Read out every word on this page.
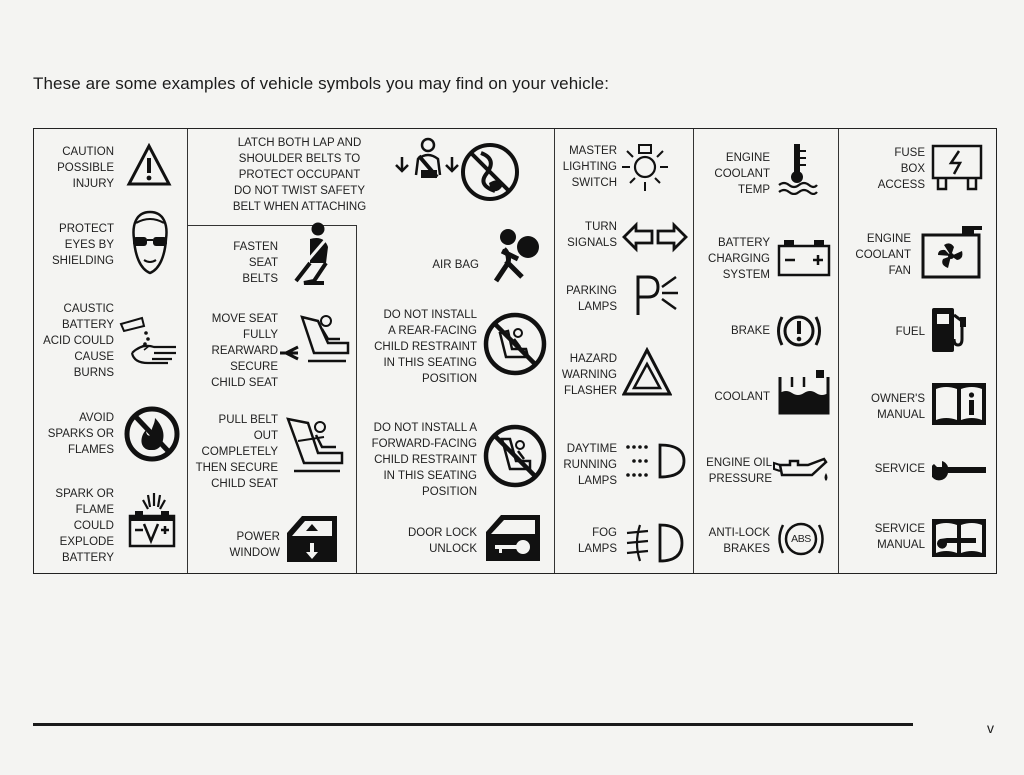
These are some examples of vehicle symbols you may find on your vehicle:
CAUTION
POSSIBLE
INJURY
PROTECT
EYES BY
SHIELDING
CAUSTIC
BATTERY
ACID COULD
CAUSE
BURNS
AVOID
SPARKS OR
FLAMES
SPARK OR
FLAME
COULD
EXPLODE
BATTERY
LATCH BOTH LAP AND
SHOULDER BELTS TO
PROTECT OCCUPANT
DO NOT TWIST SAFETY
BELT WHEN ATTACHING
FASTEN
SEAT
BELTS
AIR BAG
MOVE SEAT
FULLY
REARWARD
SECURE
CHILD SEAT
DO NOT INSTALL
A REAR-FACING
CHILD RESTRAINT
IN THIS SEATING
POSITION
PULL BELT
OUT
COMPLETELY
THEN SECURE
CHILD SEAT
DO NOT INSTALL A
FORWARD-FACING
CHILD RESTRAINT
IN THIS SEATING
POSITION
POWER
WINDOW
DOOR LOCK
UNLOCK
MASTER
LIGHTING
SWITCH
TURN
SIGNALS
PARKING
LAMPS
HAZARD
WARNING
FLASHER
DAYTIME
RUNNING
LAMPS
FOG
LAMPS
ENGINE
COOLANT
TEMP
BATTERY
CHARGING
SYSTEM
BRAKE
COOLANT
ENGINE OIL
PRESSURE
ANTI-LOCK
BRAKES
ABS
FUSE
BOX
ACCESS
ENGINE
COOLANT
FAN
FUEL
OWNER'S
MANUAL
SERVICE
SERVICE
MANUAL
v
